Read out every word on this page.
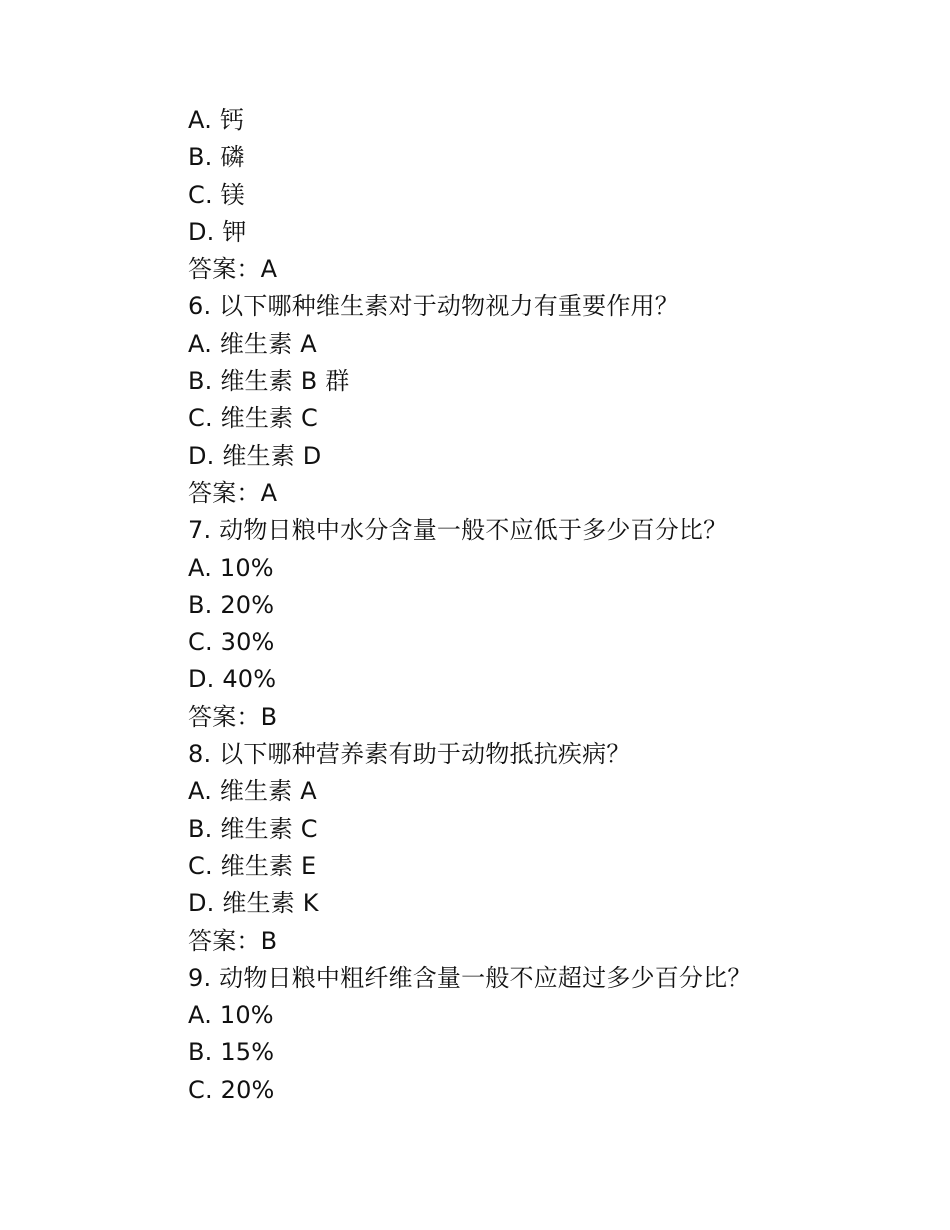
A. 钙
B. 磷
C. 镁
D. 钾
答案：A
6. 以下哪种维生素对于动物视力有重要作用？
A. 维生素 A
B. 维生素 B 群
C. 维生素 C
D. 维生素 D
答案：A
7. 动物日粮中水分含量一般不应低于多少百分比？
A. 10%
B. 20%
C. 30%
D. 40%
答案：B
8. 以下哪种营养素有助于动物抵抗疾病？
A. 维生素 A
B. 维生素 C
C. 维生素 E
D. 维生素 K
答案：B
9. 动物日粮中粗纤维含量一般不应超过多少百分比？
A. 10%
B. 15%
C. 20%
